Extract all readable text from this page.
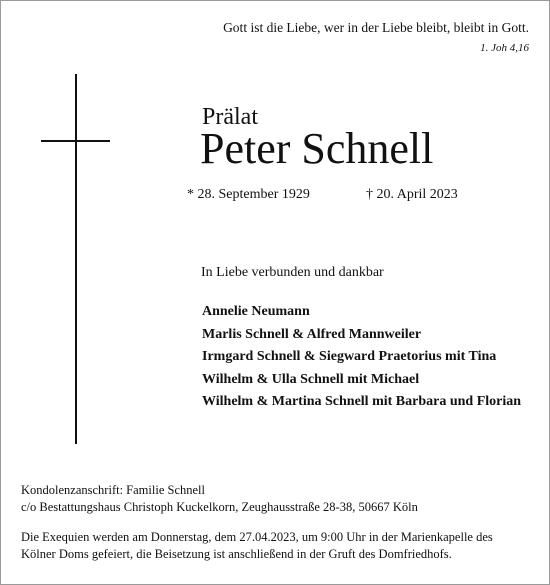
Gott ist die Liebe, wer in der Liebe bleibt, bleibt in Gott.
1. Joh 4,16
Prälat
Peter Schnell
* 28. September 1929	† 20. April 2023
In Liebe verbunden und dankbar
Annelie Neumann
Marlis Schnell & Alfred Mannweiler
Irmgard Schnell & Siegward Praetorius mit Tina
Wilhelm & Ulla Schnell mit Michael
Wilhelm & Martina Schnell mit Barbara und Florian
Kondolenzanschrift: Familie Schnell
c/o Bestattungshaus Christoph Kuckelkorn, Zeughausstraße 28-38, 50667 Köln
Die Exequien werden am Donnerstag, dem 27.04.2023, um 9:00 Uhr in der Marienkapelle des
Kölner Doms gefeiert, die Beisetzung ist anschließend in der Gruft des Domfriedhofs.
